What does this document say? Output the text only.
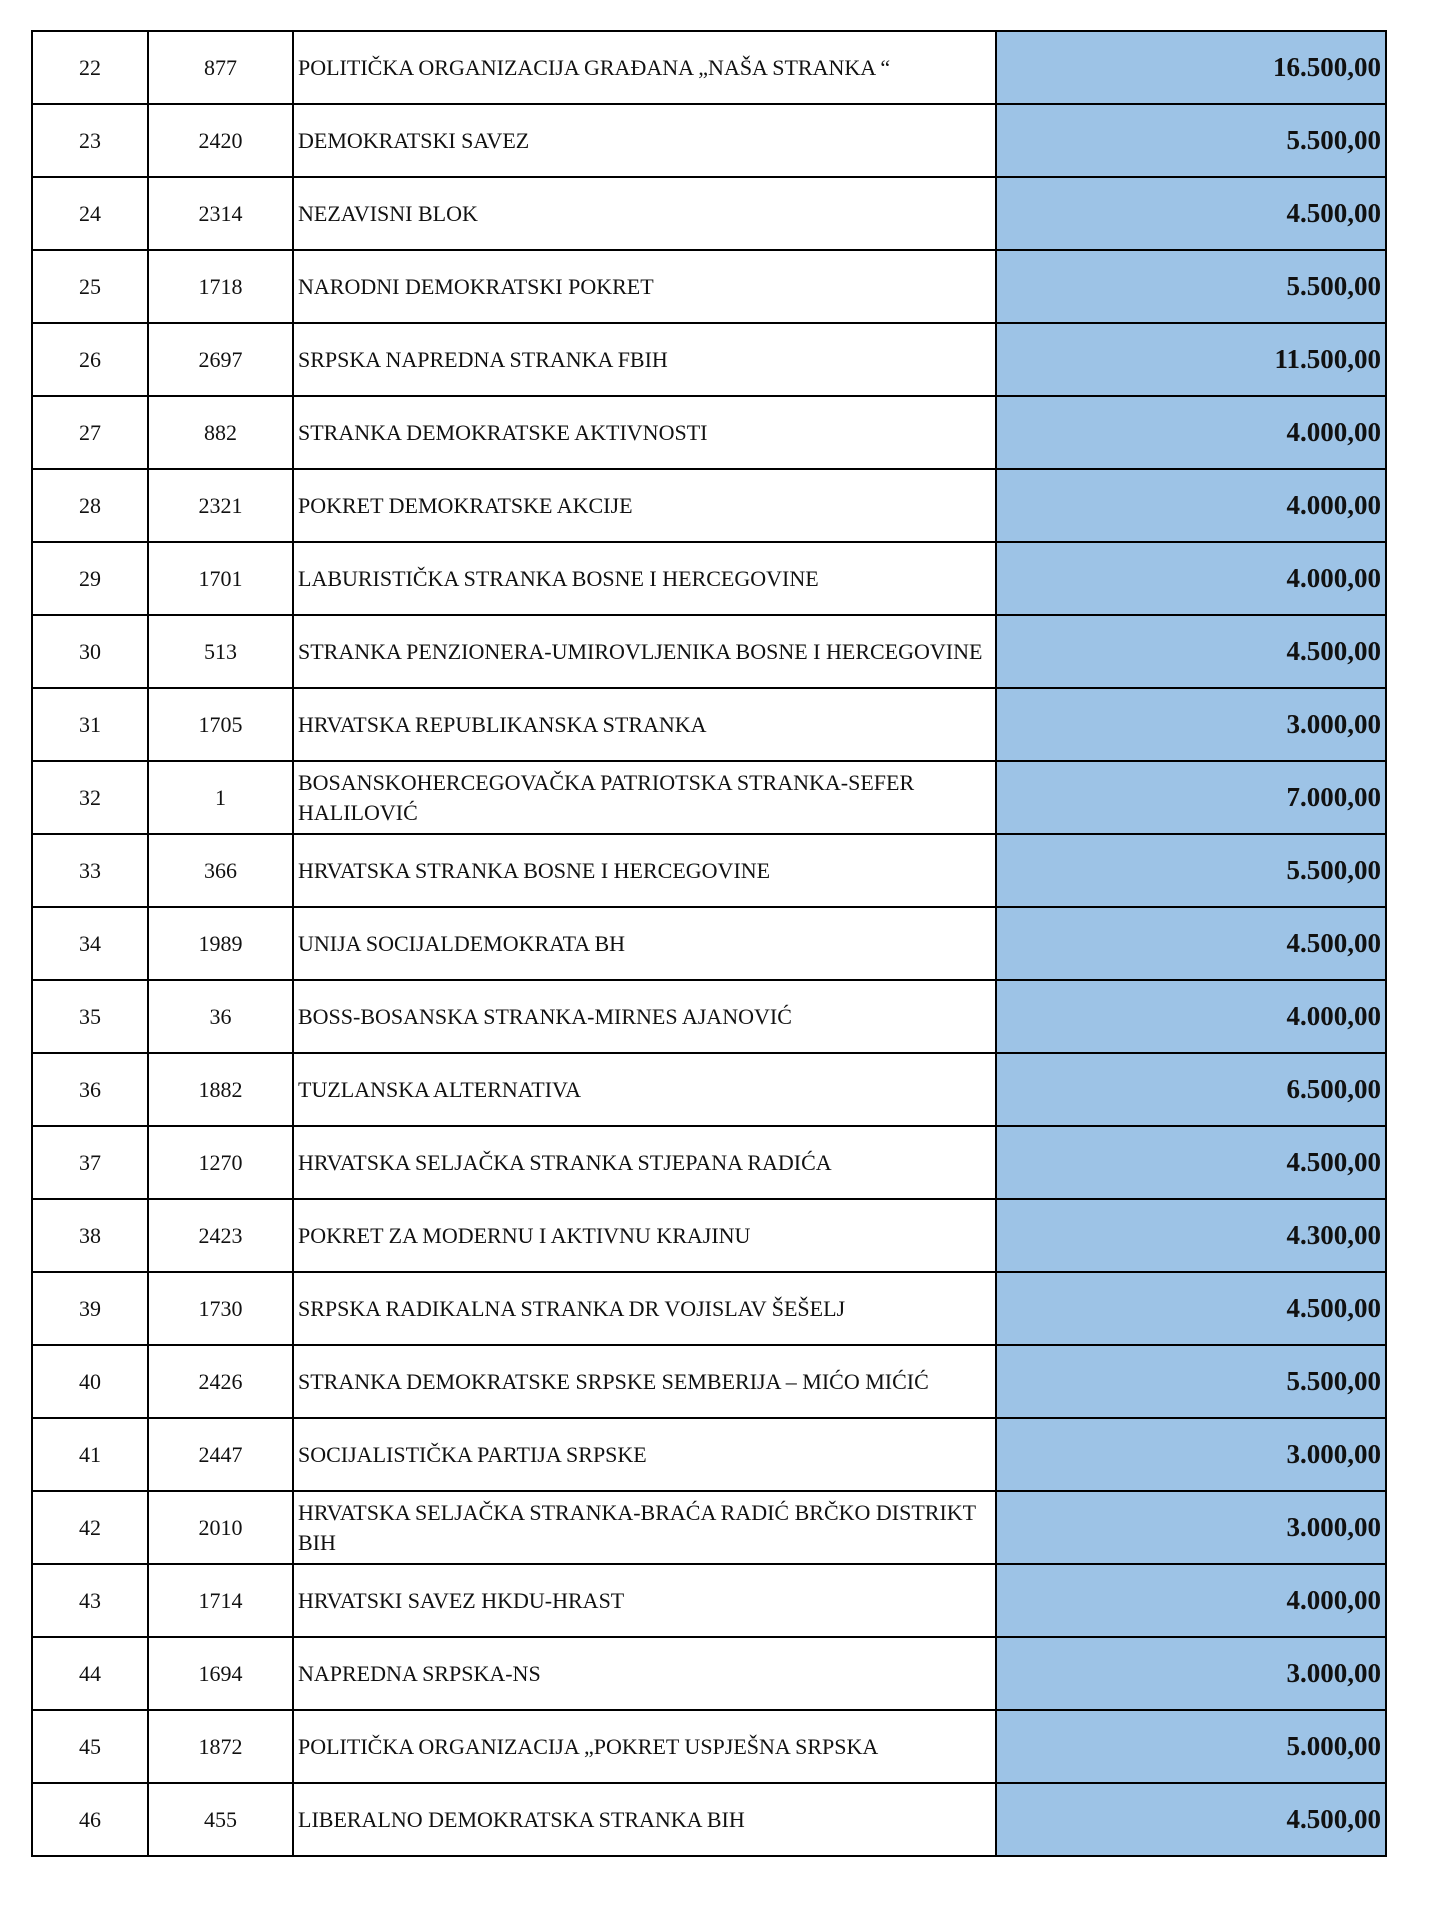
22	877	POLITIČKA ORGANIZACIJA GRAĐANA „NAŠA STRANKA “	16.500,00
23	2420	DEMOKRATSKI SAVEZ	5.500,00
24	2314	NEZAVISNI BLOK	4.500,00
25	1718	NARODNI DEMOKRATSKI POKRET	5.500,00
26	2697	SRPSKA NAPREDNA STRANKA FBIH	11.500,00
27	882	STRANKA DEMOKRATSKE AKTIVNOSTI	4.000,00
28	2321	POKRET DEMOKRATSKE AKCIJE	4.000,00
29	1701	LABURISTIČKA STRANKA BOSNE I HERCEGOVINE	4.000,00
30	513	STRANKA PENZIONERA-UMIROVLJENIKA BOSNE I HERCEGOVINE	4.500,00
31	1705	HRVATSKA REPUBLIKANSKA STRANKA	3.000,00
32	1	BOSANSKOHERCEGOVAČKA PATRIOTSKA STRANKA-SEFER HALILOVIĆ	7.000,00
33	366	HRVATSKA STRANKA BOSNE I HERCEGOVINE	5.500,00
34	1989	UNIJA SOCIJALDEMOKRATA BH	4.500,00
35	36	BOSS-BOSANSKA STRANKA-MIRNES AJANOVIĆ	4.000,00
36	1882	TUZLANSKA ALTERNATIVA	6.500,00
37	1270	HRVATSKA SELJAČKA STRANKA STJEPANA RADIĆA	4.500,00
38	2423	POKRET ZA MODERNU I AKTIVNU KRAJINU	4.300,00
39	1730	SRPSKA RADIKALNA STRANKA DR VOJISLAV ŠEŠELJ	4.500,00
40	2426	STRANKA DEMOKRATSKE SRPSKE SEMBERIJA – MIĆO MIĆIĆ	5.500,00
41	2447	SOCIJALISTIČKA PARTIJA SRPSKE	3.000,00
42	2010	HRVATSKA SELJAČKA STRANKA-BRAĆA RADIĆ BRČKO DISTRIKT BIH	3.000,00
43	1714	HRVATSKI SAVEZ HKDU-HRAST	4.000,00
44	1694	NAPREDNA SRPSKA-NS	3.000,00
45	1872	POLITIČKA ORGANIZACIJA „POKRET USPJEŠNA SRPSKA	5.000,00
46	455	LIBERALNO DEMOKRATSKA STRANKA BIH	4.500,00
